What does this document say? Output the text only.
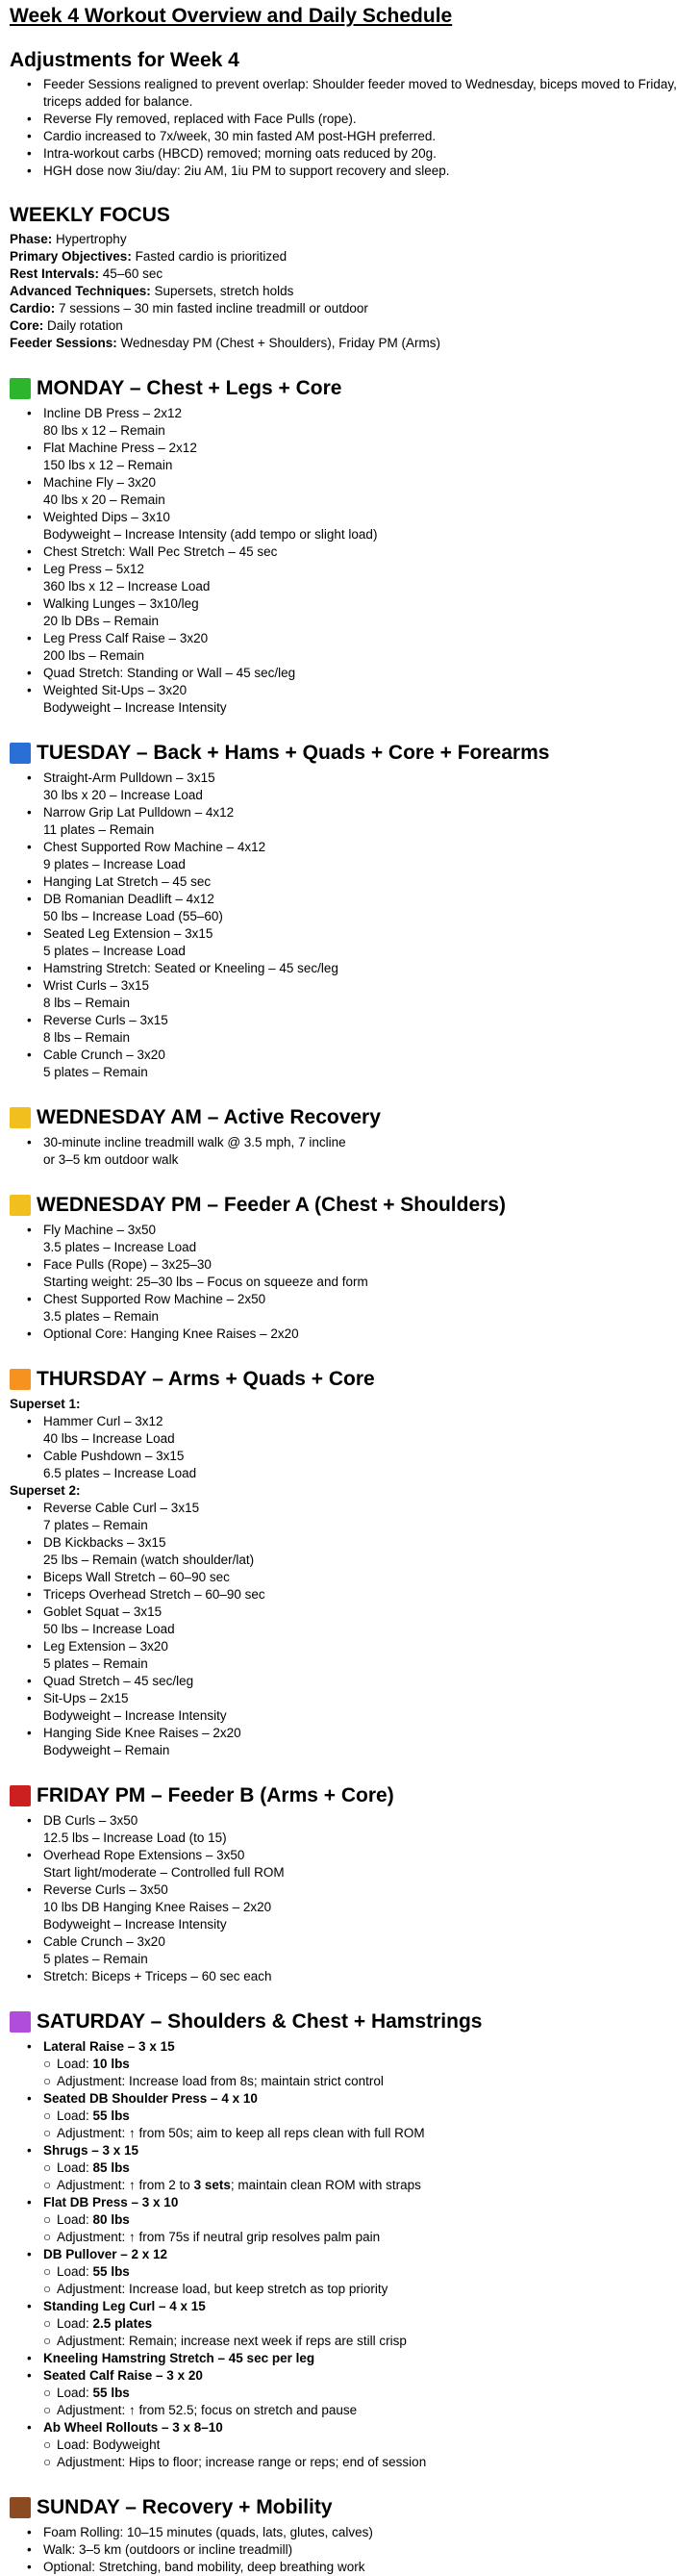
Week 4 Workout Overview and Daily Schedule
Adjustments for Week 4
• Feeder Sessions realigned to prevent overlap: Shoulder feeder moved to Wednesday, biceps moved to Friday, triceps added for balance.
• Reverse Fly removed, replaced with Face Pulls (rope).
• Cardio increased to 7x/week, 30 min fasted AM post-HGH preferred.
• Intra-workout carbs (HBCD) removed; morning oats reduced by 20g.
• HGH dose now 3iu/day: 2iu AM, 1iu PM to support recovery and sleep.
WEEKLY FOCUS
Phase: Hypertrophy
Primary Objectives: Fasted cardio is prioritized
Rest Intervals: 45–60 sec
Advanced Techniques: Supersets, stretch holds
Cardio: 7 sessions – 30 min fasted incline treadmill or outdoor
Core: Daily rotation
Feeder Sessions: Wednesday PM (Chest + Shoulders), Friday PM (Arms)
MONDAY – Chest + Legs + Core
• Incline DB Press – 2x12
80 lbs x 12 – Remain
• Flat Machine Press – 2x12
150 lbs x 12 – Remain
• Machine Fly – 3x20
40 lbs x 20 – Remain
• Weighted Dips – 3x10
Bodyweight – Increase Intensity (add tempo or slight load)
• Chest Stretch: Wall Pec Stretch – 45 sec
• Leg Press – 5x12
360 lbs x 12 – Increase Load
• Walking Lunges – 3x10/leg
20 lb DBs – Remain
• Leg Press Calf Raise – 3x20
200 lbs – Remain
• Quad Stretch: Standing or Wall – 45 sec/leg
• Weighted Sit-Ups – 3x20
Bodyweight – Increase Intensity
TUESDAY – Back + Hams + Quads + Core + Forearms
• Straight-Arm Pulldown – 3x15
30 lbs x 20 – Increase Load
• Narrow Grip Lat Pulldown – 4x12
11 plates – Remain
• Chest Supported Row Machine – 4x12
9 plates – Increase Load
• Hanging Lat Stretch – 45 sec
• DB Romanian Deadlift – 4x12
50 lbs – Increase Load (55–60)
• Seated Leg Extension – 3x15
5 plates – Increase Load
• Hamstring Stretch: Seated or Kneeling – 45 sec/leg
• Wrist Curls – 3x15
8 lbs – Remain
• Reverse Curls – 3x15
8 lbs – Remain
• Cable Crunch – 3x20
5 plates – Remain
WEDNESDAY AM – Active Recovery
• 30-minute incline treadmill walk @ 3.5 mph, 7 incline
or 3–5 km outdoor walk
WEDNESDAY PM – Feeder A (Chest + Shoulders)
• Fly Machine – 3x50
3.5 plates – Increase Load
• Face Pulls (Rope) – 3x25–30
Starting weight: 25–30 lbs – Focus on squeeze and form
• Chest Supported Row Machine – 2x50
3.5 plates – Remain
• Optional Core: Hanging Knee Raises – 2x20
THURSDAY – Arms + Quads + Core
Superset 1:
• Hammer Curl – 3x12
40 lbs – Increase Load
• Cable Pushdown – 3x15
6.5 plates – Increase Load
Superset 2:
• Reverse Cable Curl – 3x15
7 plates – Remain
• DB Kickbacks – 3x15
25 lbs – Remain (watch shoulder/lat)
• Biceps Wall Stretch – 60–90 sec
• Triceps Overhead Stretch – 60–90 sec
• Goblet Squat – 3x15
50 lbs – Increase Load
• Leg Extension – 3x20
5 plates – Remain
• Quad Stretch – 45 sec/leg
• Sit-Ups – 2x15
Bodyweight – Increase Intensity
• Hanging Side Knee Raises – 2x20
Bodyweight – Remain
FRIDAY PM – Feeder B (Arms + Core)
• DB Curls – 3x50
12.5 lbs – Increase Load (to 15)
• Overhead Rope Extensions – 3x50
Start light/moderate – Controlled full ROM
• Reverse Curls – 3x50
10 lbs DB Hanging Knee Raises – 2x20
Bodyweight – Increase Intensity
• Cable Crunch – 3x20
5 plates – Remain
• Stretch: Biceps + Triceps – 60 sec each
SATURDAY – Shoulders & Chest + Hamstrings
• Lateral Raise – 3 x 15
○ Load: 10 lbs
○ Adjustment: Increase load from 8s; maintain strict control
• Seated DB Shoulder Press – 4 x 10
○ Load: 55 lbs
○ Adjustment: ↑ from 50s; aim to keep all reps clean with full ROM
• Shrugs – 3 x 15
○ Load: 85 lbs
○ Adjustment: ↑ from 2 to 3 sets; maintain clean ROM with straps
• Flat DB Press – 3 x 10
○ Load: 80 lbs
○ Adjustment: ↑ from 75s if neutral grip resolves palm pain
• DB Pullover – 2 x 12
○ Load: 55 lbs
○ Adjustment: Increase load, but keep stretch as top priority
• Standing Leg Curl – 4 x 15
○ Load: 2.5 plates
○ Adjustment: Remain; increase next week if reps are still crisp
• Kneeling Hamstring Stretch – 45 sec per leg
• Seated Calf Raise – 3 x 20
○ Load: 55 lbs
○ Adjustment: ↑ from 52.5; focus on stretch and pause
• Ab Wheel Rollouts – 3 x 8–10
○ Load: Bodyweight
○ Adjustment: Hips to floor; increase range or reps; end of session
SUNDAY – Recovery + Mobility
• Foam Rolling: 10–15 minutes (quads, lats, glutes, calves)
• Walk: 3–5 km (outdoors or incline treadmill)
• Optional: Stretching, band mobility, deep breathing work
